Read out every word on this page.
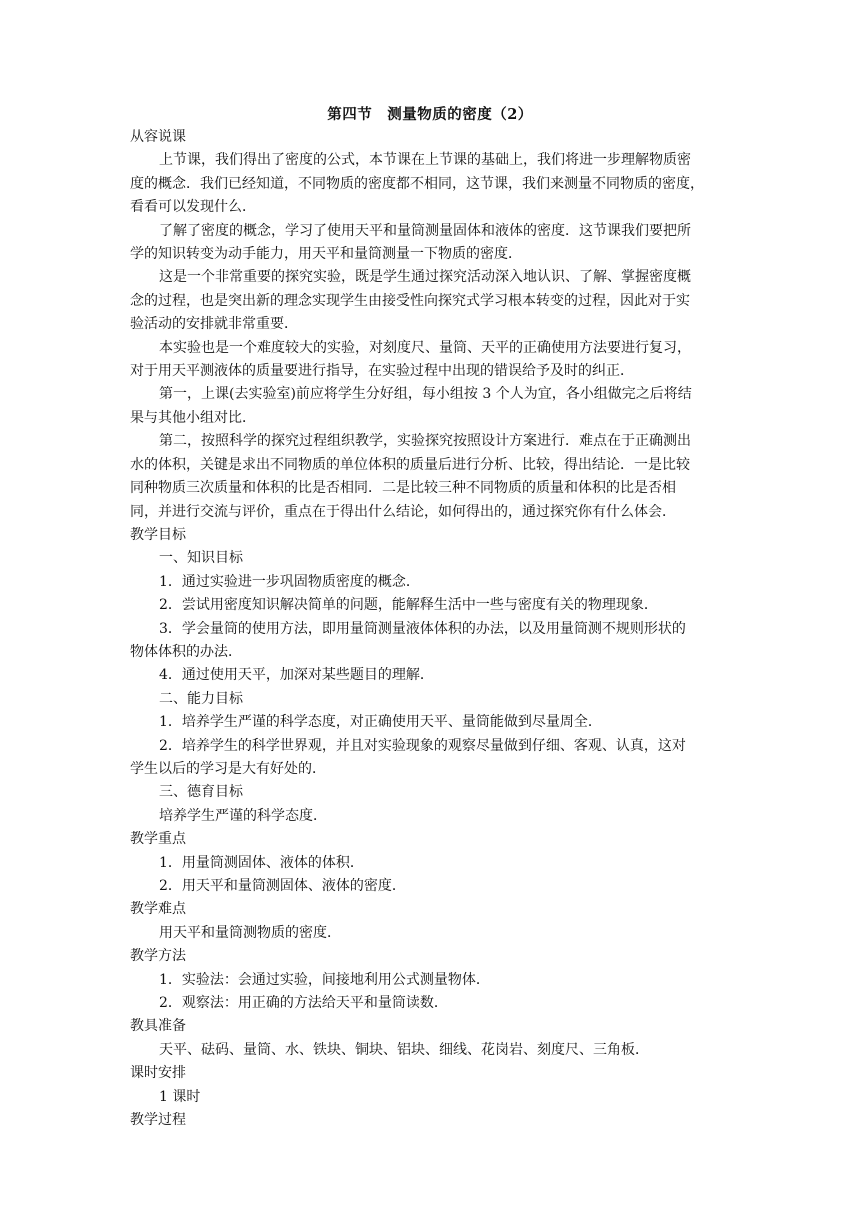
第四节　测量物质的密度（2）

从容说课

上节课，我们得出了密度的公式，本节课在上节课的基础上，我们将进一步理解物质密

度的概念．我们已经知道，不同物质的密度都不相同，这节课，我们来测量不同物质的密度，

看看可以发现什么．

了解了密度的概念，学习了使用天平和量筒测量固体和液体的密度．这节课我们要把所

学的知识转变为动手能力，用天平和量筒测量一下物质的密度．

这是一个非常重要的探究实验，既是学生通过探究活动深入地认识、了解、掌握密度概

念的过程，也是突出新的理念实现学生由接受性向探究式学习根本转变的过程，因此对于实

验活动的安排就非常重要．

本实验也是一个难度较大的实验，对刻度尺、量筒、天平的正确使用方法要进行复习，

对于用天平测液体的质量要进行指导，在实验过程中出现的错误给予及时的纠正．

第一，上课(去实验室)前应将学生分好组，每小组按 3 个人为宜，各小组做完之后将结

果与其他小组对比．

第二，按照科学的探究过程组织教学，实验探究按照设计方案进行．难点在于正确测出

水的体积，关键是求出不同物质的单位体积的质量后进行分析、比较，得出结论．一是比较

同种物质三次质量和体积的比是否相同．二是比较三种不同物质的质量和体积的比是否相

同，并进行交流与评价，重点在于得出什么结论，如何得出的，通过探究你有什么体会．

教学目标

一、知识目标

1．通过实验进一步巩固物质密度的概念．

2．尝试用密度知识解决简单的问题，能解释生活中一些与密度有关的物理现象．

3．学会量筒的使用方法，即用量筒测量液体体积的办法，以及用量筒测不规则形状的

物体体积的办法．

4．通过使用天平，加深对某些题目的理解．

二、能力目标

1．培养学生严谨的科学态度，对正确使用天平、量筒能做到尽量周全．

2．培养学生的科学世界观，并且对实验现象的观察尽量做到仔细、客观、认真，这对

学生以后的学习是大有好处的．

三、德育目标

培养学生严谨的科学态度．

教学重点

1．用量筒测固体、液体的体积．

2．用天平和量筒测固体、液体的密度．

教学难点

用天平和量筒测物质的密度．

教学方法

1．实验法：会通过实验，间接地利用公式测量物体．

2．观察法：用正确的方法给天平和量筒读数．

教具准备

天平、砝码、量筒、水、铁块、铜块、铝块、细线、花岗岩、刻度尺、三角板．

课时安排

1 课时

教学过程
